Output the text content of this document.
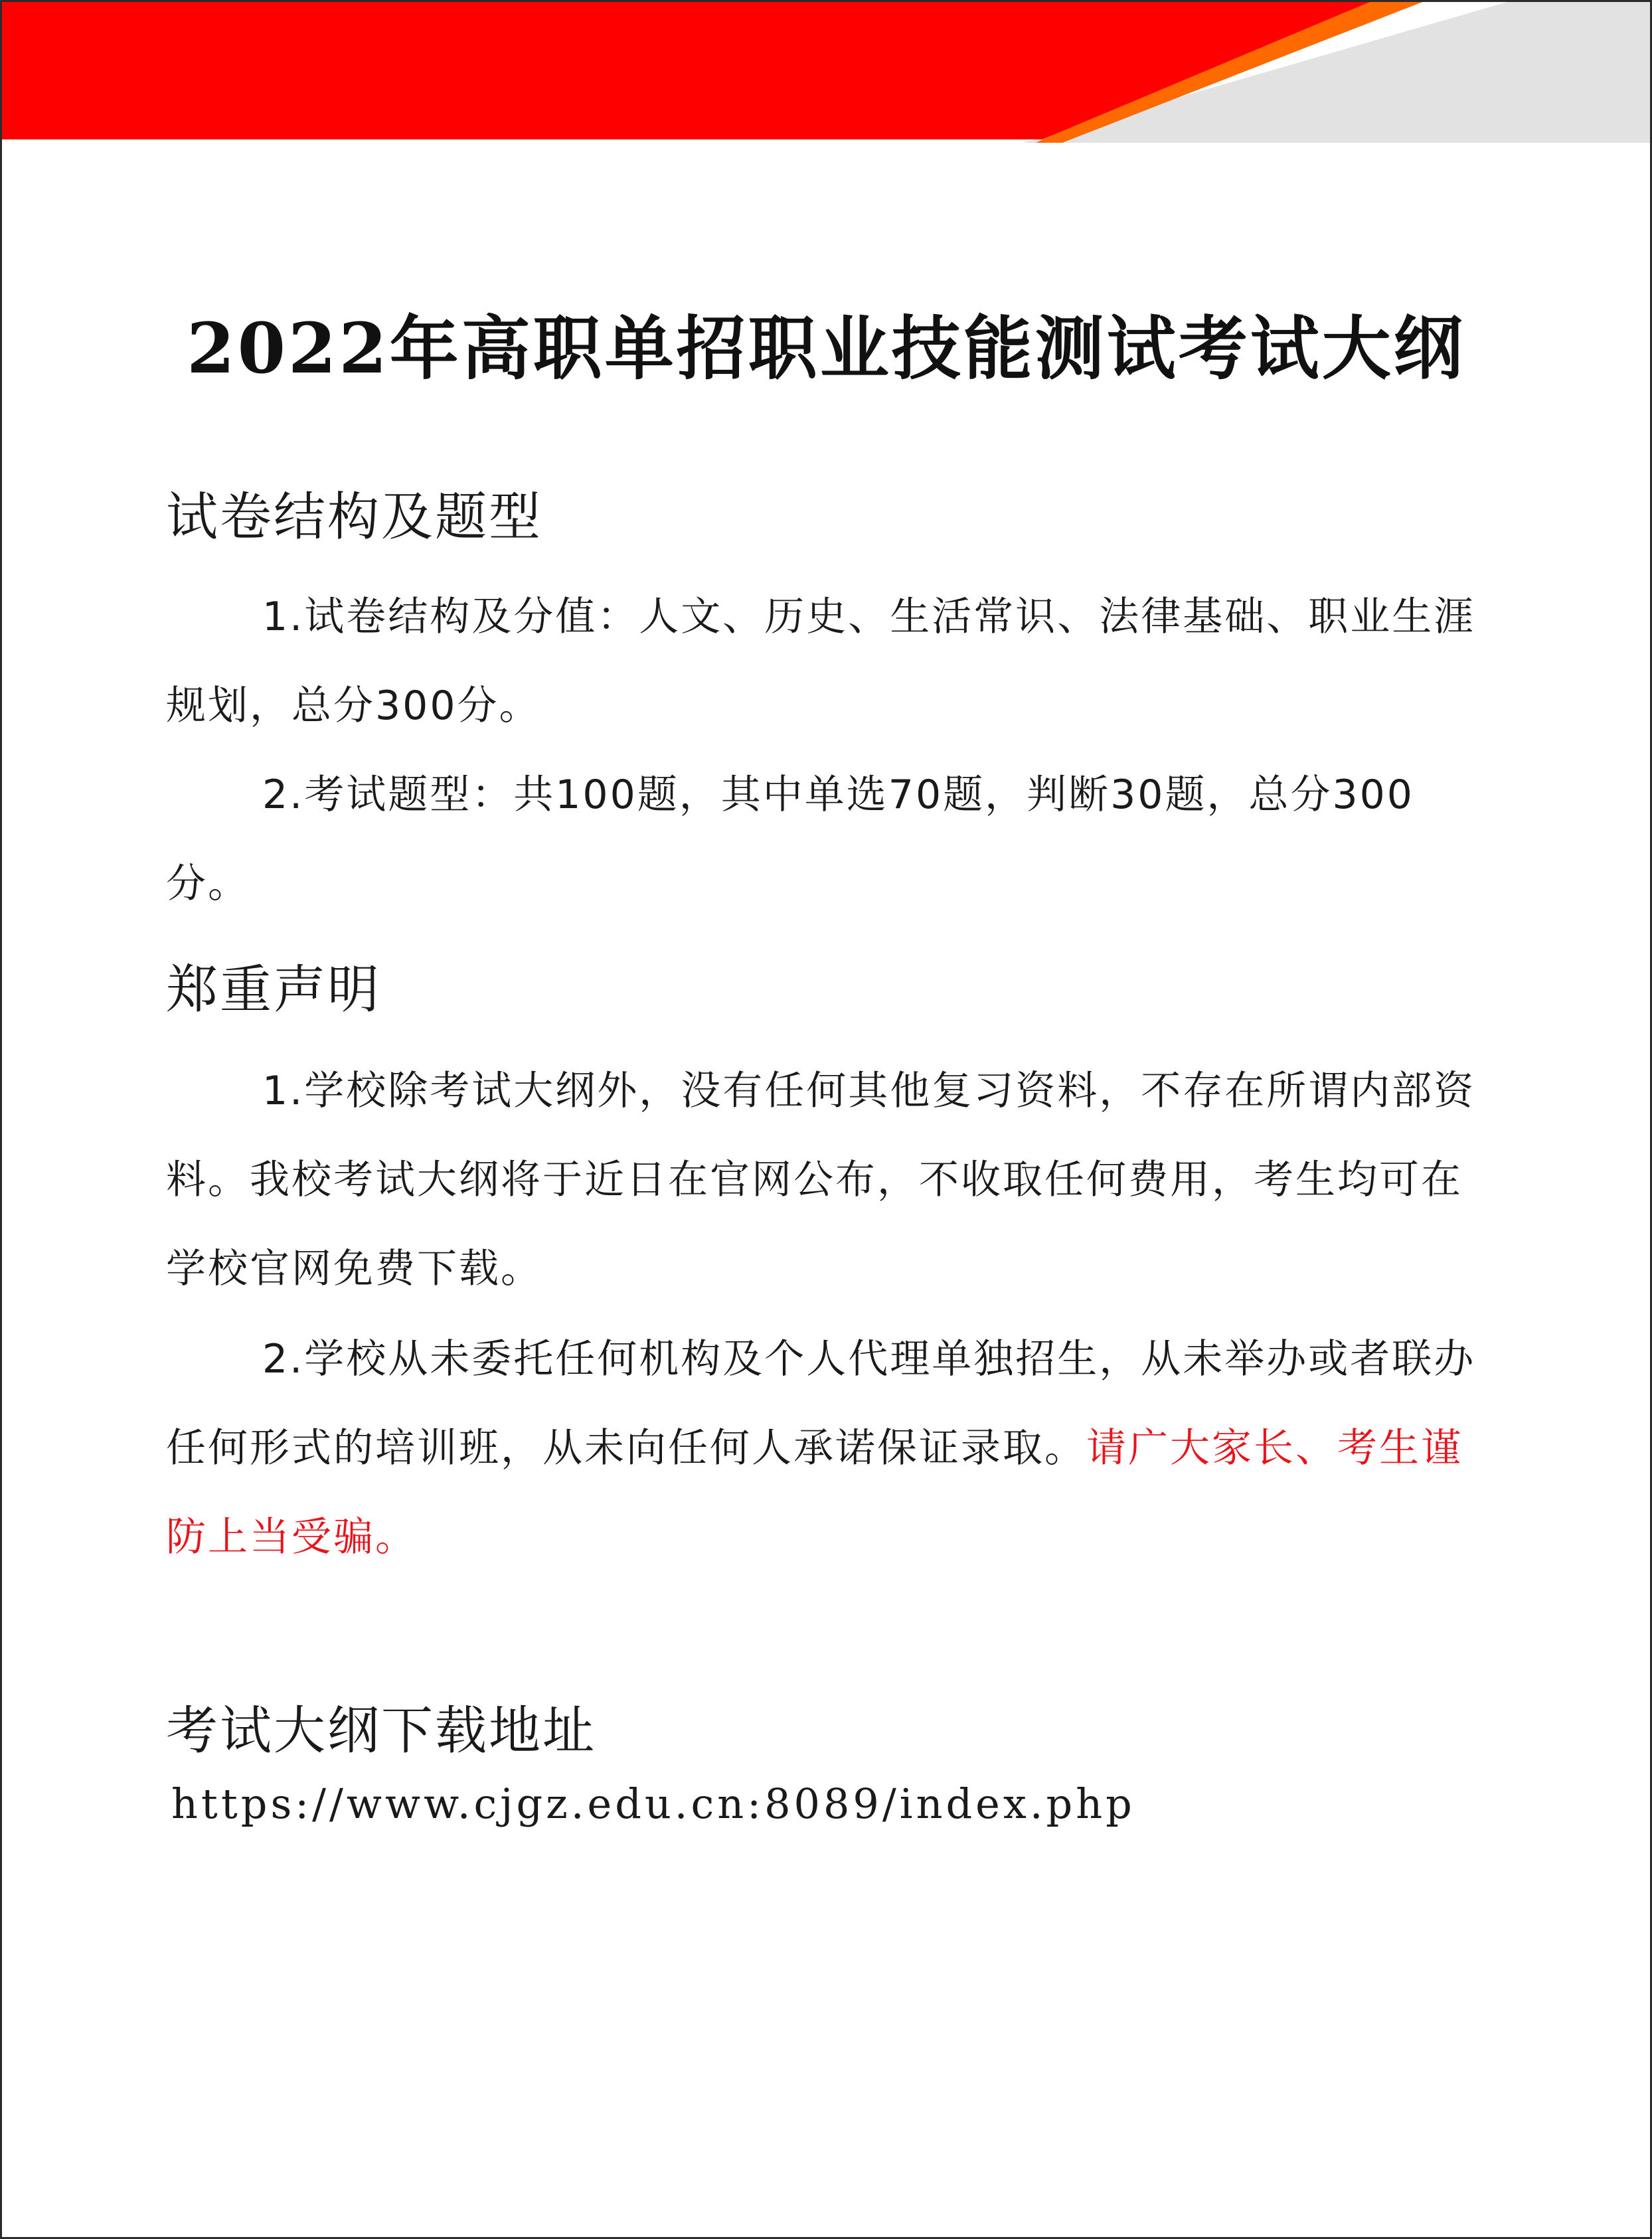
2022年高职单招职业技能测试考试大纲
试卷结构及题型
1.试卷结构及分值：人文、历史、生活常识、法律基础、职业生涯规划，总分300分。
2.考试题型：共100题，其中单选70题，判断30题，总分300分。
郑重声明
1.学校除考试大纲外，没有任何其他复习资料，不存在所谓内部资料。我校考试大纲将于近日在官网公布，不收取任何费用，考生均可在学校官网免费下载。
2.学校从未委托任何机构及个人代理单独招生，从未举办或者联办任何形式的培训班，从未向任何人承诺保证录取。请广大家长、考生谨防上当受骗。
考试大纲下载地址
https://www.cjgz.edu.cn:8089/index.php
